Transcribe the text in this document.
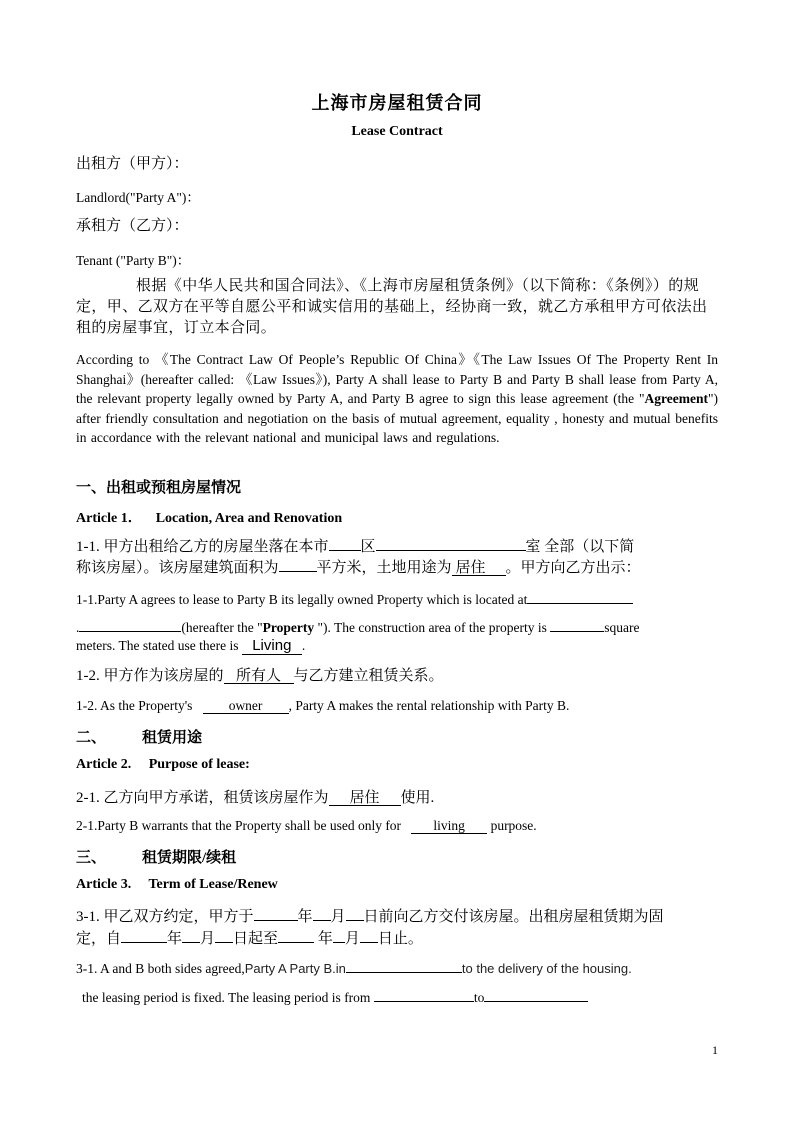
上海市房屋租赁合同
Lease Contract
出租方（甲方）：
Landlord("Party A")：
承租方（乙方）：
Tenant ("Party B")：
根据《中华人民共和国合同法》、《上海市房屋租赁条例》（以下简称：《条例》）的规定，甲、乙双方在平等自愿公平和诚实信用的基础上，经协商一致，就乙方承租甲方可依法出租的房屋事宜，订立本合同。
According to 《The Contract Law Of People’s Republic Of China》《The Law Issues Of The Property Rent In Shanghai》(hereafter called: 《Law Issues》), Party A shall lease to Party B and Party B shall lease from Party A, the relevant property legally owned by Party A, and Party B agree to sign this lease agreement (the "Agreement") after friendly consultation and negotiation on the basis of mutual agreement, equality , honesty and mutual benefits in accordance with the relevant national and municipal laws and regulations.
一、出租或预租房屋情况
Article 1．    Location, Area and Renovation
1-1. 甲方出租给乙方的房屋坐落在本市 区	室 全部（以下简
称该房屋）。该房屋建筑面积为	平方米，土地用途为 居住 。甲方向乙方出示：
1-1.Party A agrees to lease to Party B its legally owned Property which is located at
.	(hereafter the "Property "). The construction area of the property is	square
meters. The stated use there is Living .
1-2. 甲方作为该房屋的 所有人 与乙方建立租赁关系。
1-2. As the Property's	owner , Party A makes the rental relationship with Party B.
二、 租赁用途
Article 2.     Purpose of lease:
2-1. 乙方向甲方承诺，租赁该房屋作为 居住 使用.
2-1.Party B warrants that the Property shall be used only for living purpose.
三、 租赁期限/续租
Article 3.     Term of Lease/Renew
3-1. 甲乙双方约定，甲方于	年 月 日前向乙方交付该房屋。出租房屋租赁期为固
定，自	年 月 日起至	年 月 日止。
3-1. A and B both sides agreed,Party A Party B.in	to the delivery of the housing.
the leasing period is fixed. The leasing period is from	to
1
